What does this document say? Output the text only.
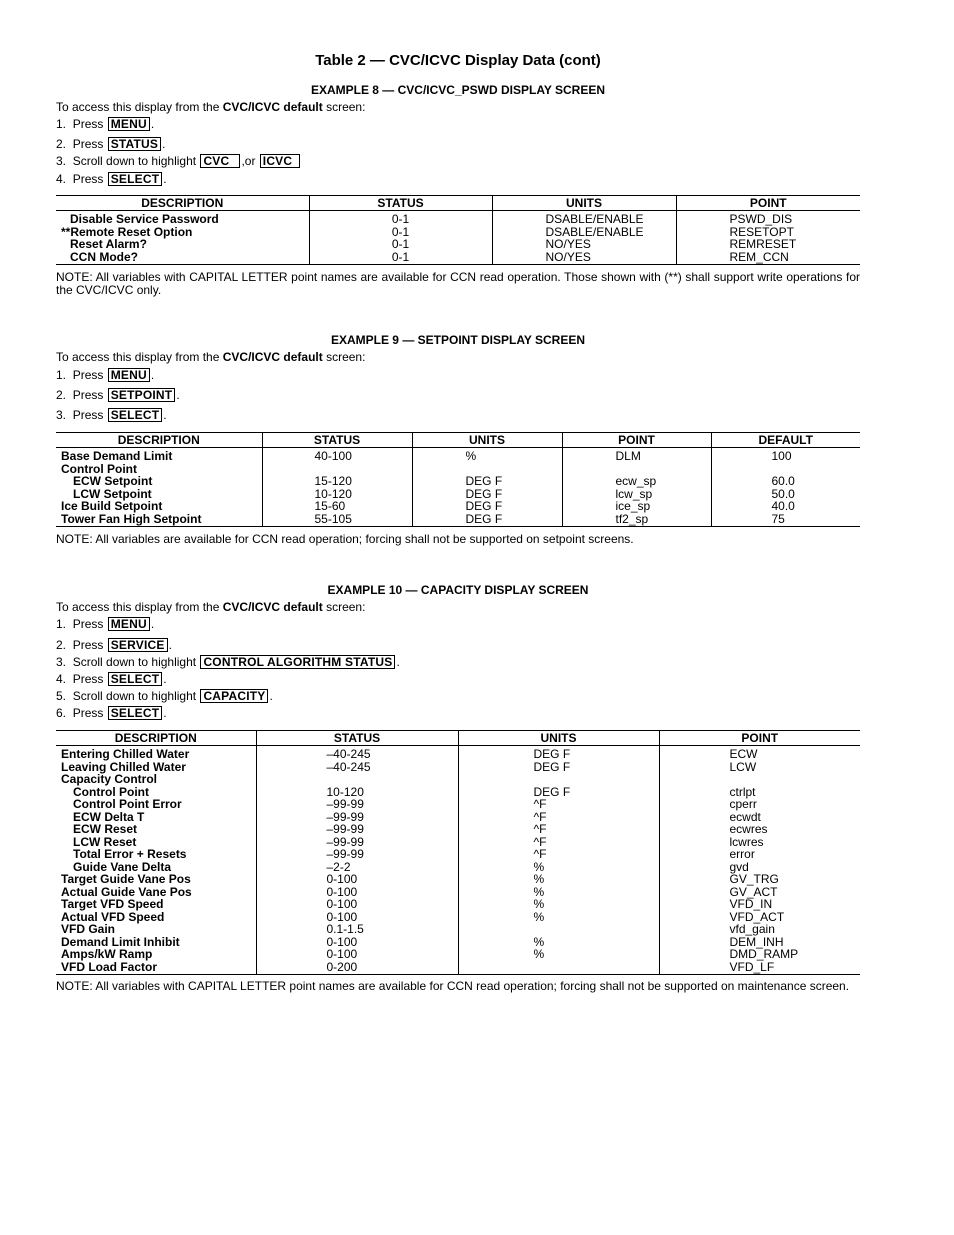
Table 2 — CVC/ICVC Display Data (cont)
EXAMPLE 8 — CVC/ICVC_PSWD DISPLAY SCREEN
To access this display from the CVC/ICVC default screen:
1. Press MENU .
2. Press STATUS .
3. Scroll down to highlight CVC ,or ICVC
4. Press SELECT .
DESCRIPTION	STATUS	UNITS	POINT
Disable Service Password	0-1	DSABLE/ENABLE	PSWD_DIS
**Remote Reset Option	0-1	DSABLE/ENABLE	RESETOPT
Reset Alarm?	0-1	NO/YES	REMRESET
CCN Mode?	0-1	NO/YES	REM_CCN
NOTE: All variables with CAPITAL LETTER point names are available for CCN read operation. Those shown with (**) shall support write operations for the CVC/ICVC only.
EXAMPLE 9 — SETPOINT DISPLAY SCREEN
To access this display from the CVC/ICVC default screen:
1. Press MENU .
2. Press SETPOINT .
3. Press SELECT .
DESCRIPTION	STATUS	UNITS	POINT	DEFAULT
Base Demand Limit	40-100	%	DLM	100
Control Point				
ECW Setpoint	15-120	DEG F	ecw_sp	60.0
LCW Setpoint	10-120	DEG F	lcw_sp	50.0
Ice Build Setpoint	15-60	DEG F	ice_sp	40.0
Tower Fan High Setpoint	55-105	DEG F	tf2_sp	75
NOTE: All variables are available for CCN read operation; forcing shall not be supported on setpoint screens.
EXAMPLE 10 — CAPACITY DISPLAY SCREEN
To access this display from the CVC/ICVC default screen:
1. Press MENU .
2. Press SERVICE .
3. Scroll down to highlight CONTROL ALGORITHM STATUS .
4. Press SELECT .
5. Scroll down to highlight CAPACITY .
6. Press SELECT .
DESCRIPTION	STATUS	UNITS	POINT
Entering Chilled Water	–40-245	DEG F	ECW
Leaving Chilled Water	–40-245	DEG F	LCW
Capacity Control			
Control Point	10-120	DEG F	ctrlpt
Control Point Error	–99-99	^F	cperr
ECW Delta T	–99-99	^F	ecwdt
ECW Reset	–99-99	^F	ecwres
LCW Reset	–99-99	^F	lcwres
Total Error + Resets	–99-99	^F	error
Guide Vane Delta	–2-2	%	gvd
Target Guide Vane Pos	0-100	%	GV_TRG
Actual Guide Vane Pos	0-100	%	GV_ACT
Target VFD Speed	0-100	%	VFD_IN
Actual VFD Speed	0-100	%	VFD_ACT
VFD Gain	0.1-1.5		vfd_gain
Demand Limit Inhibit	0-100	%	DEM_INH
Amps/kW Ramp	0-100	%	DMD_RAMP
VFD Load Factor	0-200		VFD_LF
NOTE: All variables with CAPITAL LETTER point names are available for CCN read operation; forcing shall not be supported on maintenance screen.
